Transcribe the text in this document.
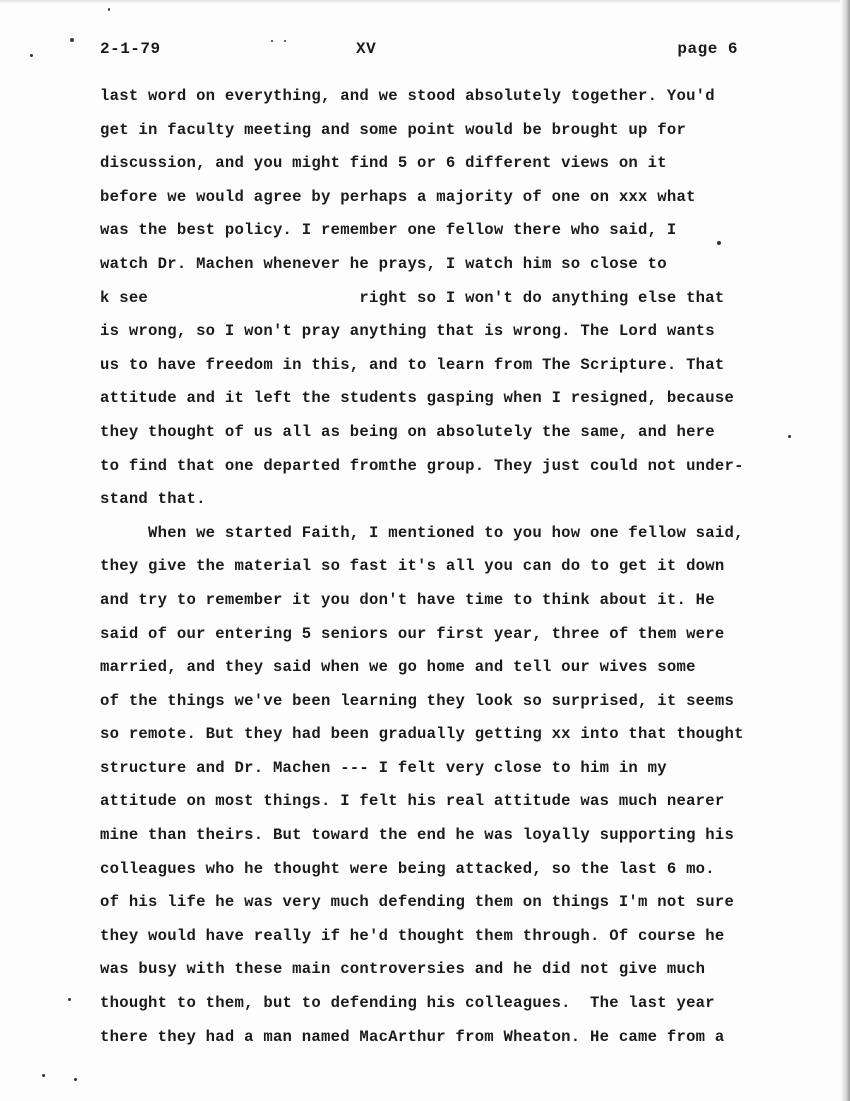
2-1-79	XV	page 6
last word on everything, and we stood absolutely together. You'd
get in faculty meeting and some point would be brought up for
discussion, and you might find 5 or 6 different views on it
before we would agree by perhaps a majority of one on xxx what
was the best policy. I remember one fellow there who said, I
watch Dr. Machen whenever he prays, I watch him so close to
k see                      right so I won't do anything else that
is wrong, so I won't pray anything that is wrong. The Lord wants
us to have freedom in this, and to learn from The Scripture. That
attitude and it left the students gasping when I resigned, because
they thought of us all as being on absolutely the same, and here
to find that one departed fromthe group. They just could not under-
stand that.
When we started Faith, I mentioned to you how one fellow said,
they give the material so fast it's all you can do to get it down
and try to remember it you don't have time to think about it. He
said of our entering 5 seniors our first year, three of them were
married, and they said when we go home and tell our wives some
of the things we've been learning they look so surprised, it seems
so remote. But they had been gradually getting xx into that thought
structure and Dr. Machen --- I felt very close to him in my
attitude on most things. I felt his real attitude was much nearer
mine than theirs. But toward the end he was loyally supporting his
colleagues who he thought were being attacked, so the last 6 mo.
of his life he was very much defending them on things I'm not sure
they would have really if he'd thought them through. Of course he
was busy with these main controversies and he did not give much
thought to them, but to defending his colleagues.  The last year
there they had a man named MacArthur from Wheaton. He came from a
